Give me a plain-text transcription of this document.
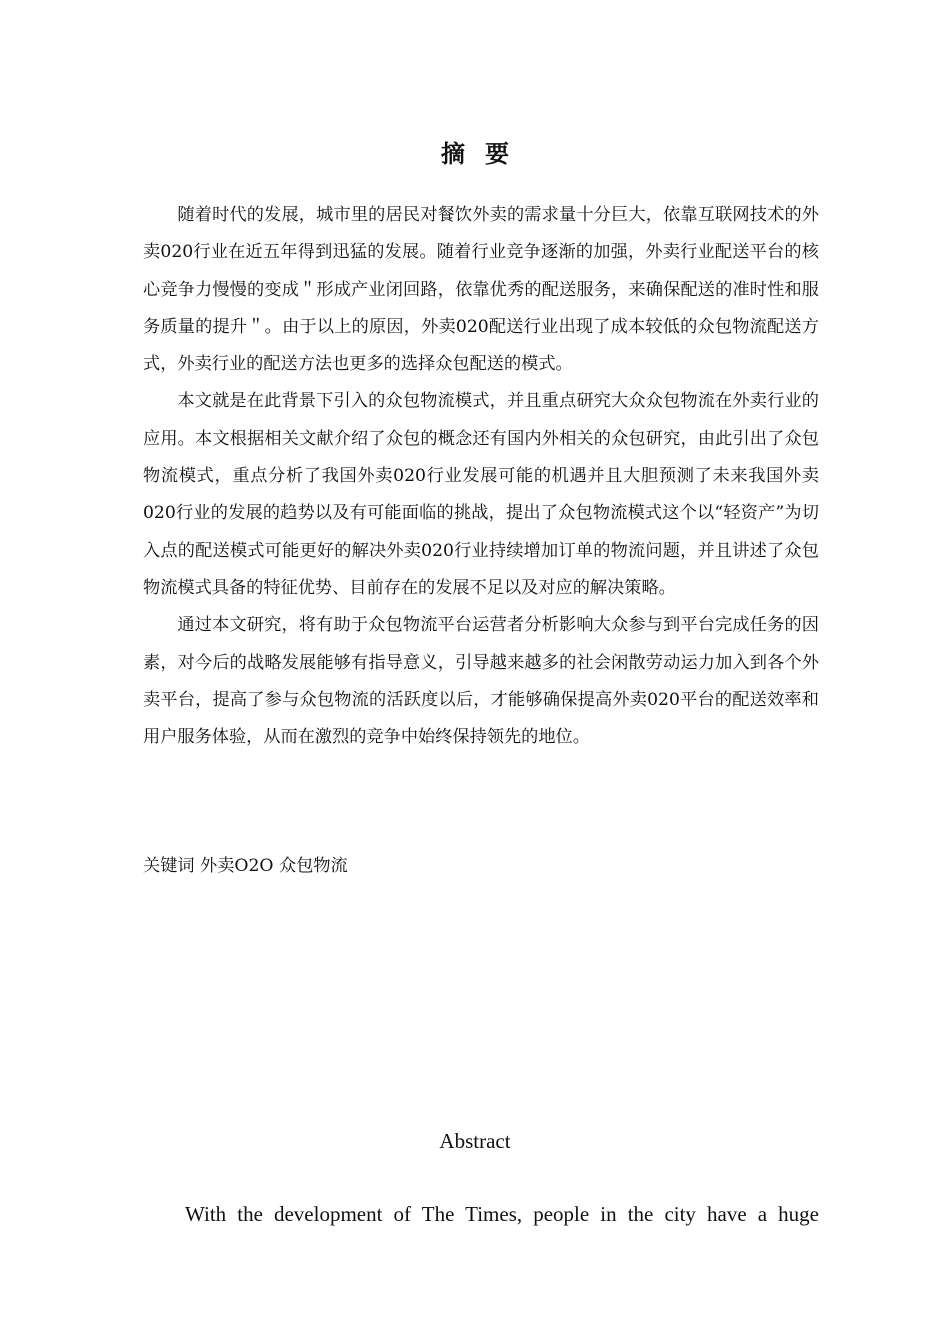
摘要

随着时代的发展，城市里的居民对餐饮外卖的需求量十分巨大，依靠互联网技术的外卖020行业在近五年得到迅猛的发展。随着行业竞争逐渐的加强，外卖行业配送平台的核心竞争力慢慢的变成＂形成产业闭回路，依靠优秀的配送服务，来确保配送的准时性和服务质量的提升＂。由于以上的原因，外卖020配送行业出现了成本较低的众包物流配送方式，外卖行业的配送方法也更多的选择众包配送的模式。

本文就是在此背景下引入的众包物流模式，并且重点研究大众众包物流在外卖行业的应用。本文根据相关文献介绍了众包的概念还有国内外相关的众包研究，由此引出了众包物流模式，重点分析了我国外卖020行业发展可能的机遇并且大胆预测了未来我国外卖020行业的发展的趋势以及有可能面临的挑战，提出了众包物流模式这个以“轻资产”为切入点的配送模式可能更好的解决外卖020行业持续增加订单的物流问题，并且讲述了众包物流模式具备的特征优势、目前存在的发展不足以及对应的解决策略。

通过本文研究，将有助于众包物流平台运营者分析影响大众参与到平台完成任务的因素，对今后的战略发展能够有指导意义，引导越来越多的社会闲散劳动运力加入到各个外卖平台，提高了参与众包物流的活跃度以后，才能够确保提高外卖020平台的配送效率和用户服务体验，从而在激烈的竞争中始终保持领先的地位。

关键词 外卖O2O 众包物流
Abstract
With the development of The Times, people in the city have a huge
